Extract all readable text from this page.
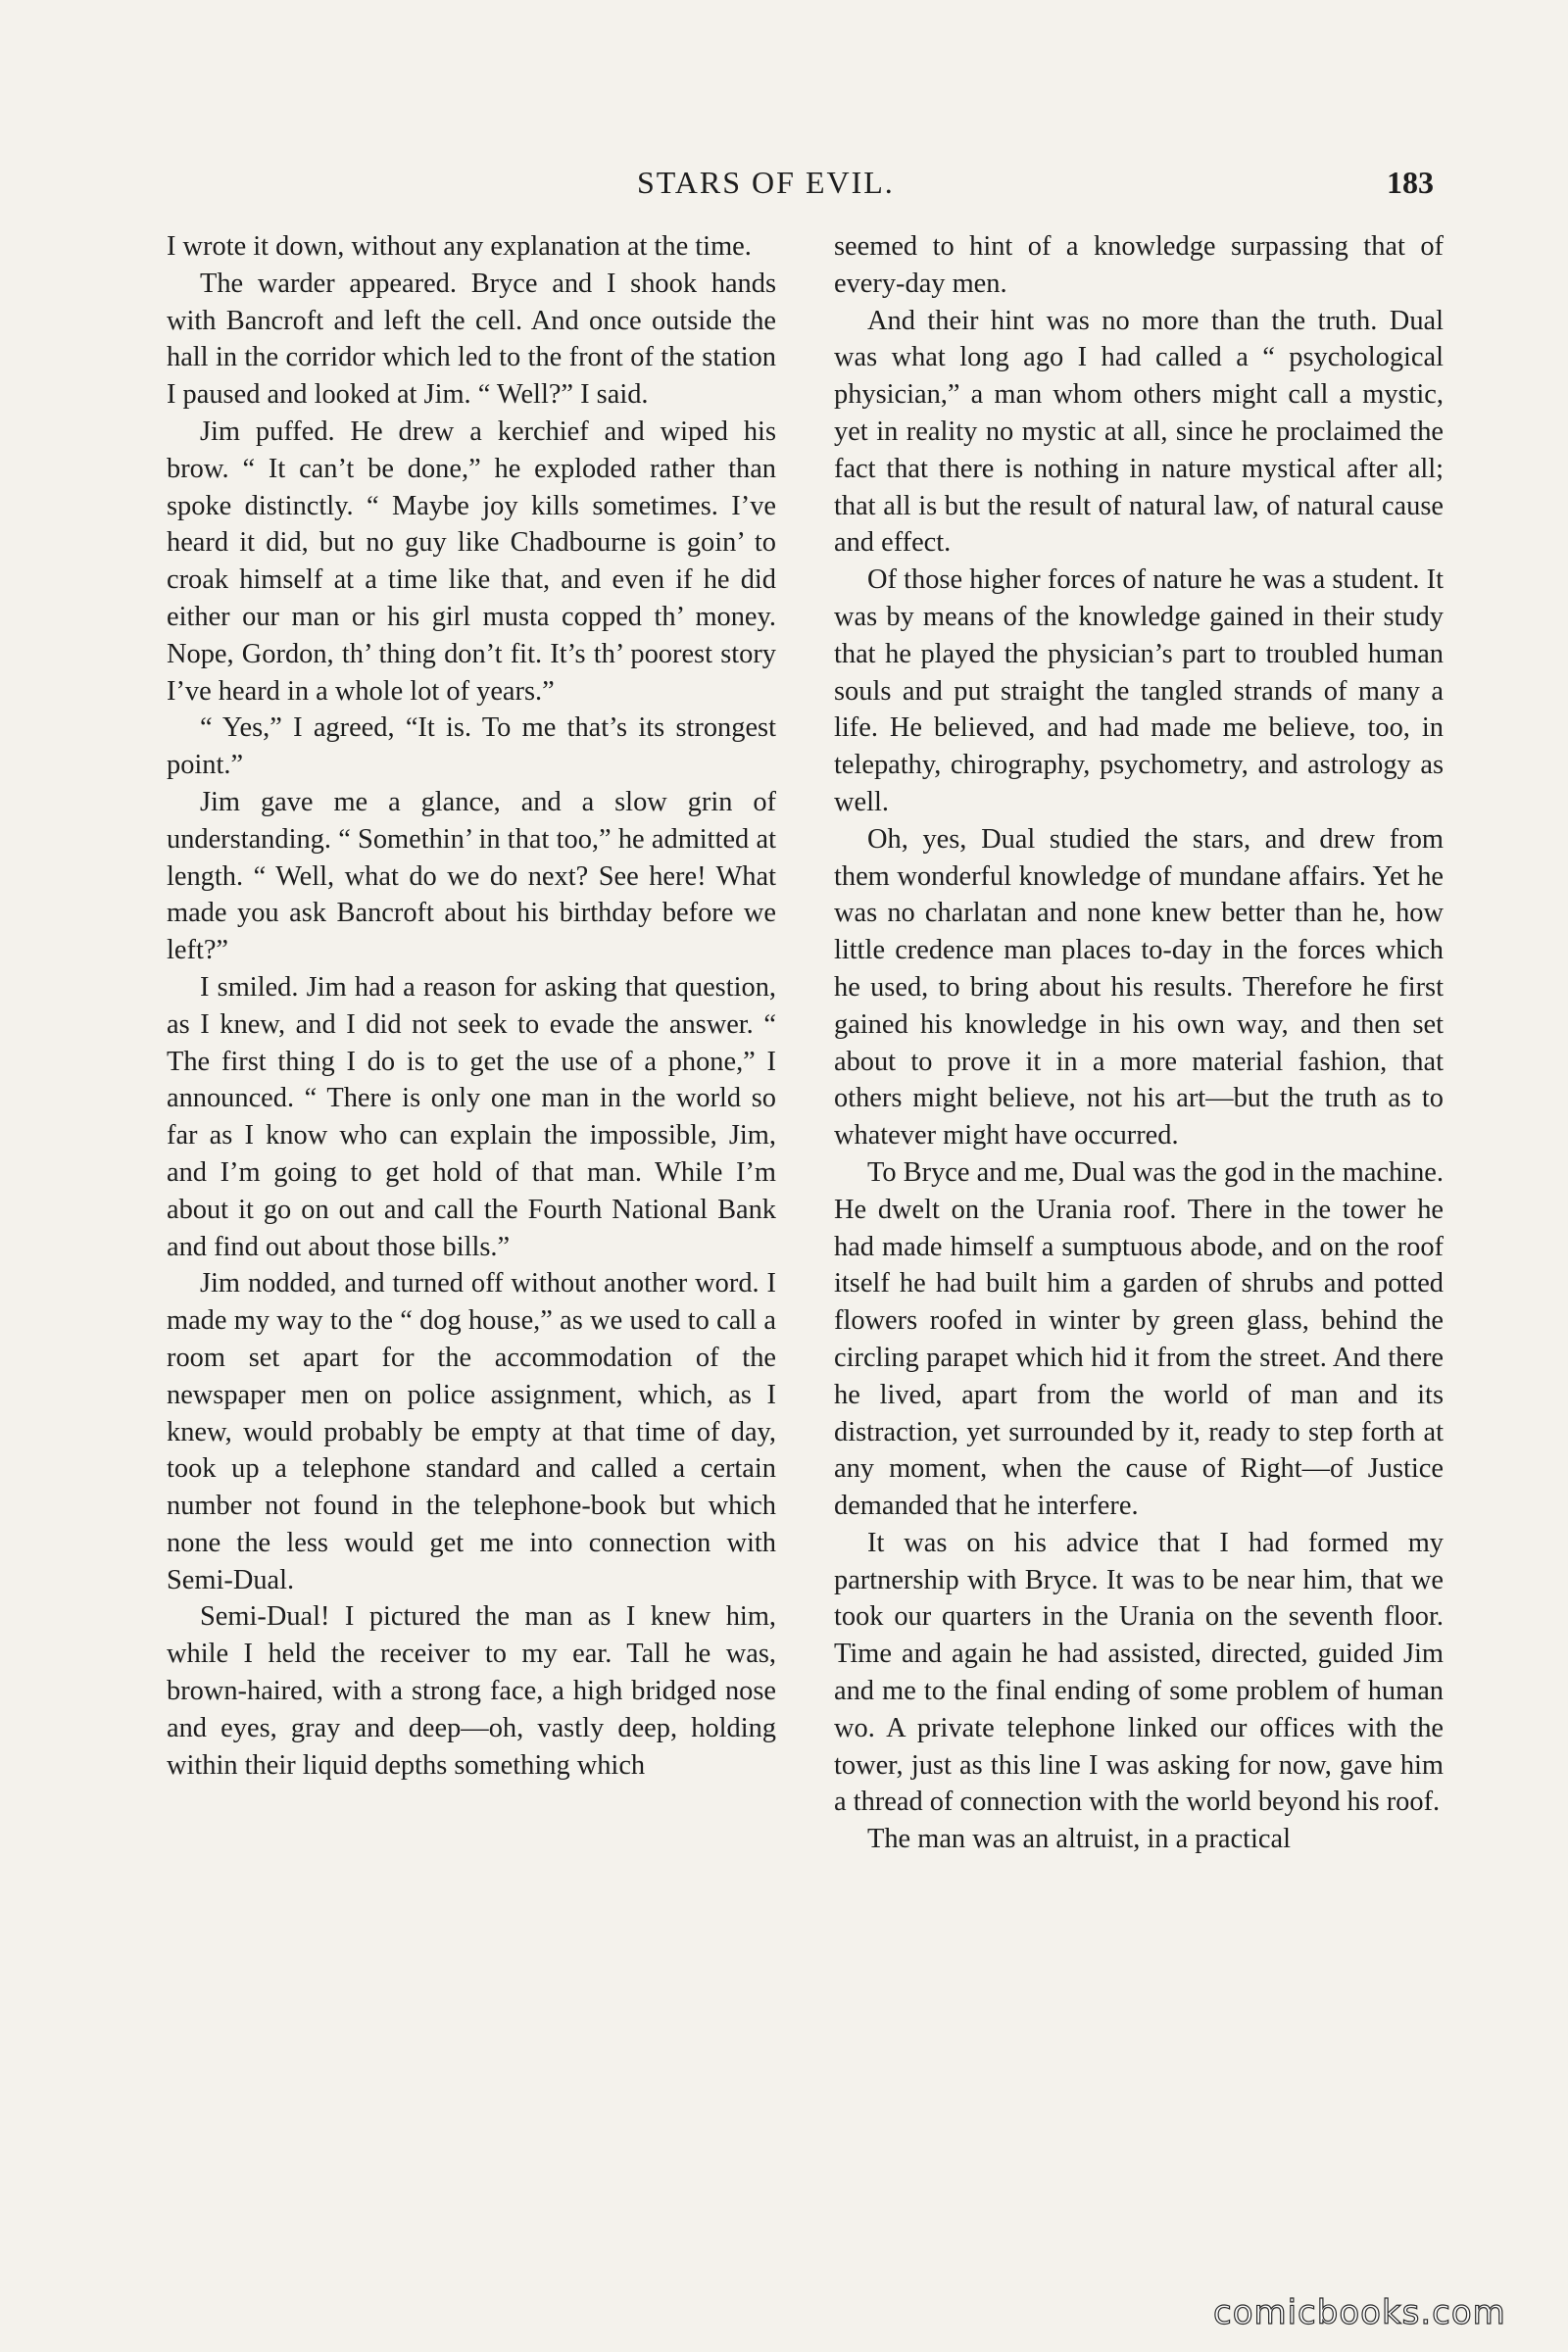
STARS OF EVIL.	183

I wrote it down, without any explanation at the time.

The warder appeared. Bryce and I shook hands with Bancroft and left the cell. And once outside the hall in the corridor which led to the front of the station I paused and looked at Jim. “ Well?” I said.

Jim puffed. He drew a kerchief and wiped his brow. “ It can’t be done,” he exploded rather than spoke distinctly. “ Maybe joy kills sometimes. I’ve heard it did, but no guy like Chadbourne is goin’ to croak himself at a time like that, and even if he did either our man or his girl musta copped th’ money. Nope, Gordon, th’ thing don’t fit. It’s th’ poorest story I’ve heard in a whole lot of years.”

“ Yes,” I agreed, “It is. To me that’s its strongest point.”

Jim gave me a glance, and a slow grin of understanding. “ Somethin’ in that too,” he admitted at length. “ Well, what do we do next? See here! What made you ask Bancroft about his birthday before we left?”

I smiled. Jim had a reason for asking that question, as I knew, and I did not seek to evade the answer. “ The first thing I do is to get the use of a phone,” I announced. “ There is only one man in the world so far as I know who can explain the impossible, Jim, and I’m going to get hold of that man. While I’m about it go on out and call the Fourth National Bank and find out about those bills.”

Jim nodded, and turned off without another word. I made my way to the “ dog house,” as we used to call a room set apart for the accommodation of the newspaper men on police assignment, which, as I knew, would probably be empty at that time of day, took up a telephone standard and called a certain number not found in the telephone-book but which none the less would get me into connection with Semi-Dual.

Semi-Dual! I pictured the man as I knew him, while I held the receiver to my ear. Tall he was, brown-haired, with a strong face, a high bridged nose and eyes, gray and deep—oh, vastly deep, holding within their liquid depths something which

seemed to hint of a knowledge surpassing that of every-day men.

And their hint was no more than the truth. Dual was what long ago I had called a “ psychological physician,” a man whom others might call a mystic, yet in reality no mystic at all, since he proclaimed the fact that there is nothing in nature mystical after all; that all is but the result of natural law, of natural cause and effect.

Of those higher forces of nature he was a student. It was by means of the knowledge gained in their study that he played the physician’s part to troubled human souls and put straight the tangled strands of many a life. He believed, and had made me believe, too, in telepathy, chirography, psychometry, and astrology as well.

Oh, yes, Dual studied the stars, and drew from them wonderful knowledge of mundane affairs. Yet he was no charlatan and none knew better than he, how little credence man places to-day in the forces which he used, to bring about his results. Therefore he first gained his knowledge in his own way, and then set about to prove it in a more material fashion, that others might believe, not his art—but the truth as to whatever might have occurred.

To Bryce and me, Dual was the god in the machine. He dwelt on the Urania roof. There in the tower he had made himself a sumptuous abode, and on the roof itself he had built him a garden of shrubs and potted flowers roofed in winter by green glass, behind the circling parapet which hid it from the street. And there he lived, apart from the world of man and its distraction, yet surrounded by it, ready to step forth at any moment, when the cause of Right—of Justice demanded that he interfere.

It was on his advice that I had formed my partnership with Bryce. It was to be near him, that we took our quarters in the Urania on the seventh floor. Time and again he had assisted, directed, guided Jim and me to the final ending of some problem of human wo. A private telephone linked our offices with the tower, just as this line I was asking for now, gave him a thread of connection with the world beyond his roof.

The man was an altruist, in a practical

comicbooks.com
